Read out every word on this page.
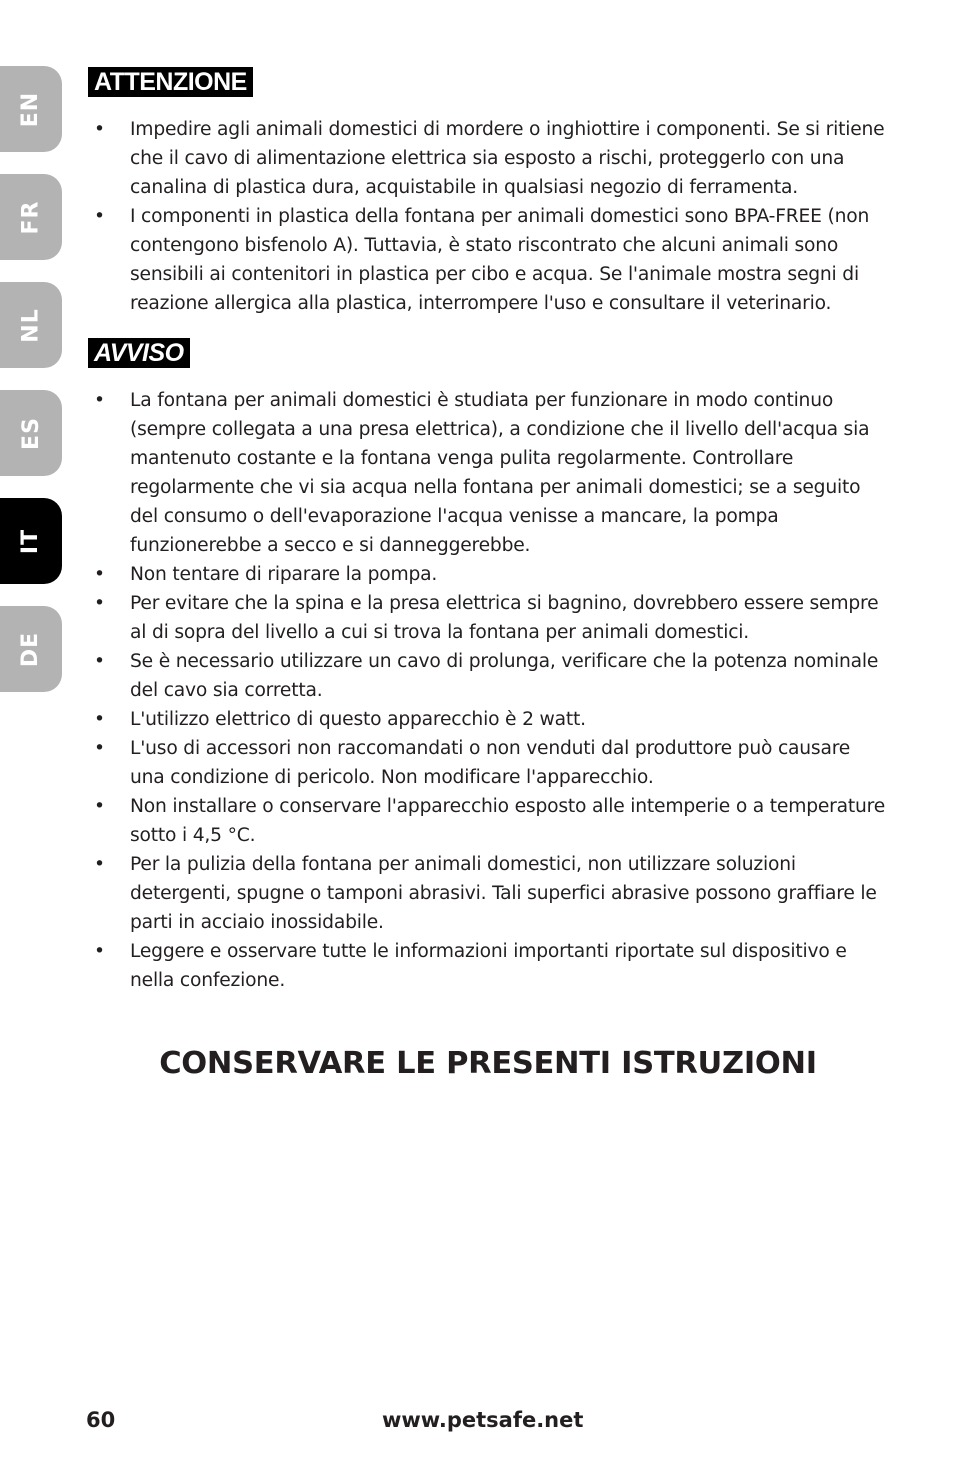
EN
FR
NL
ES
IT
DE
ATTENZIONE
• Impedire agli animali domestici di mordere o inghiottire i componenti. Se si ritiene che il cavo di alimentazione elettrica sia esposto a rischi, proteggerlo con una canalina di plastica dura, acquistabile in qualsiasi negozio di ferramenta.
• I componenti in plastica della fontana per animali domestici sono BPA-FREE (non contengono bisfenolo A). Tuttavia, è stato riscontrato che alcuni animali sono sensibili ai contenitori in plastica per cibo e acqua. Se l'animale mostra segni di reazione allergica alla plastica, interrompere l'uso e consultare il veterinario.
AVVISO
• La fontana per animali domestici è studiata per funzionare in modo continuo (sempre collegata a una presa elettrica), a condizione che il livello dell'acqua sia mantenuto costante e la fontana venga pulita regolarmente. Controllare regolarmente che vi sia acqua nella fontana per animali domestici; se a seguito del consumo o dell'evaporazione l'acqua venisse a mancare, la pompa funzionerebbe a secco e si danneggerebbe.
• Non tentare di riparare la pompa.
• Per evitare che la spina e la presa elettrica si bagnino, dovrebbero essere sempre al di sopra del livello a cui si trova la fontana per animali domestici.
• Se è necessario utilizzare un cavo di prolunga, verificare che la potenza nominale del cavo sia corretta.
• L'utilizzo elettrico di questo apparecchio è 2 watt.
• L'uso di accessori non raccomandati o non venduti dal produttore può causare una condizione di pericolo. Non modificare l'apparecchio.
• Non installare o conservare l'apparecchio esposto alle intemperie o a temperature sotto i 4,5 °C.
• Per la pulizia della fontana per animali domestici, non utilizzare soluzioni detergenti, spugne o tamponi abrasivi. Tali superfici abrasive possono graffiare le parti in acciaio inossidabile.
• Leggere e osservare tutte le informazioni importanti riportate sul dispositivo e nella confezione.
CONSERVARE LE PRESENTI ISTRUZIONI
60	www.petsafe.net
